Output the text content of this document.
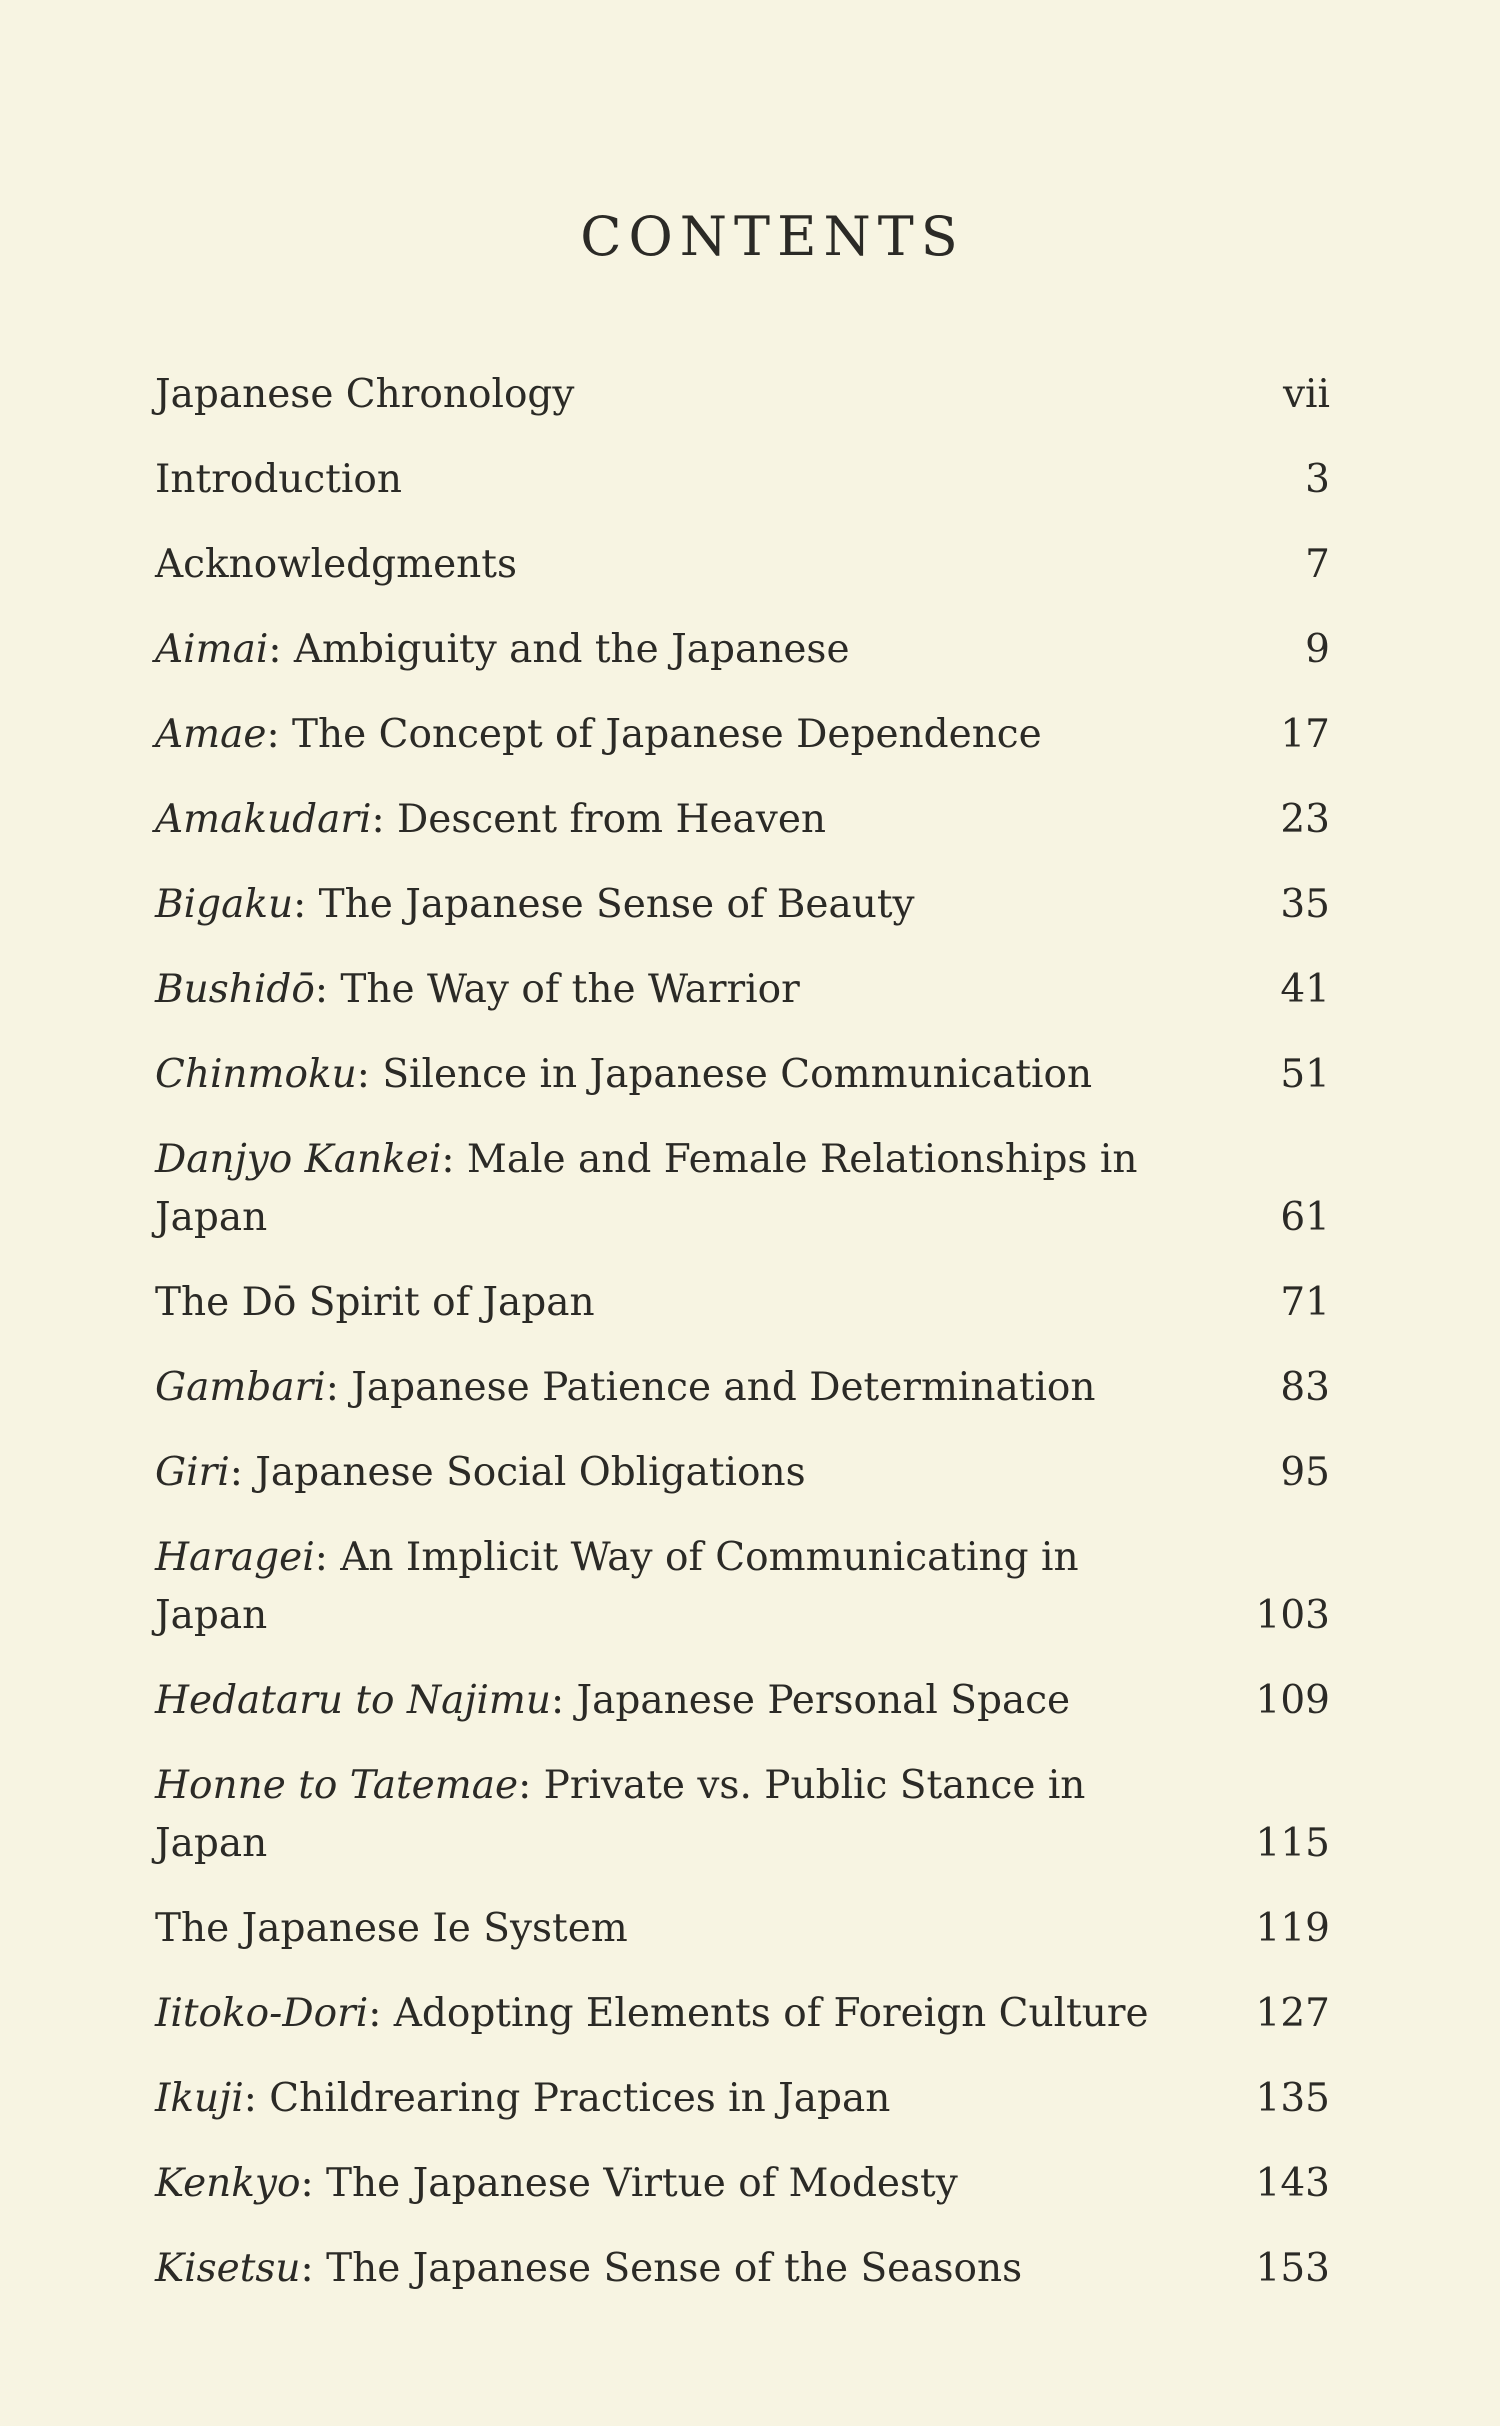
CONTENTS
Japanese Chronology	vii
Introduction	3
Acknowledgments	7
Aimai: Ambiguity and the Japanese	9
Amae: The Concept of Japanese Dependence	17
Amakudari: Descent from Heaven	23
Bigaku: The Japanese Sense of Beauty	35
Bushidō: The Way of the Warrior	41
Chinmoku: Silence in Japanese Communication	51
Danjyo Kankei: Male and Female Relationships in Japan	61
The Dō Spirit of Japan	71
Gambari: Japanese Patience and Determination	83
Giri: Japanese Social Obligations	95
Haragei: An Implicit Way of Communicating in Japan	103
Hedataru to Najimu: Japanese Personal Space	109
Honne to Tatemae: Private vs. Public Stance in Japan	115
The Japanese Ie System	119
Iitoko-Dori: Adopting Elements of Foreign Culture	127
Ikuji: Childrearing Practices in Japan	135
Kenkyo: The Japanese Virtue of Modesty	143
Kisetsu: The Japanese Sense of the Seasons	153
